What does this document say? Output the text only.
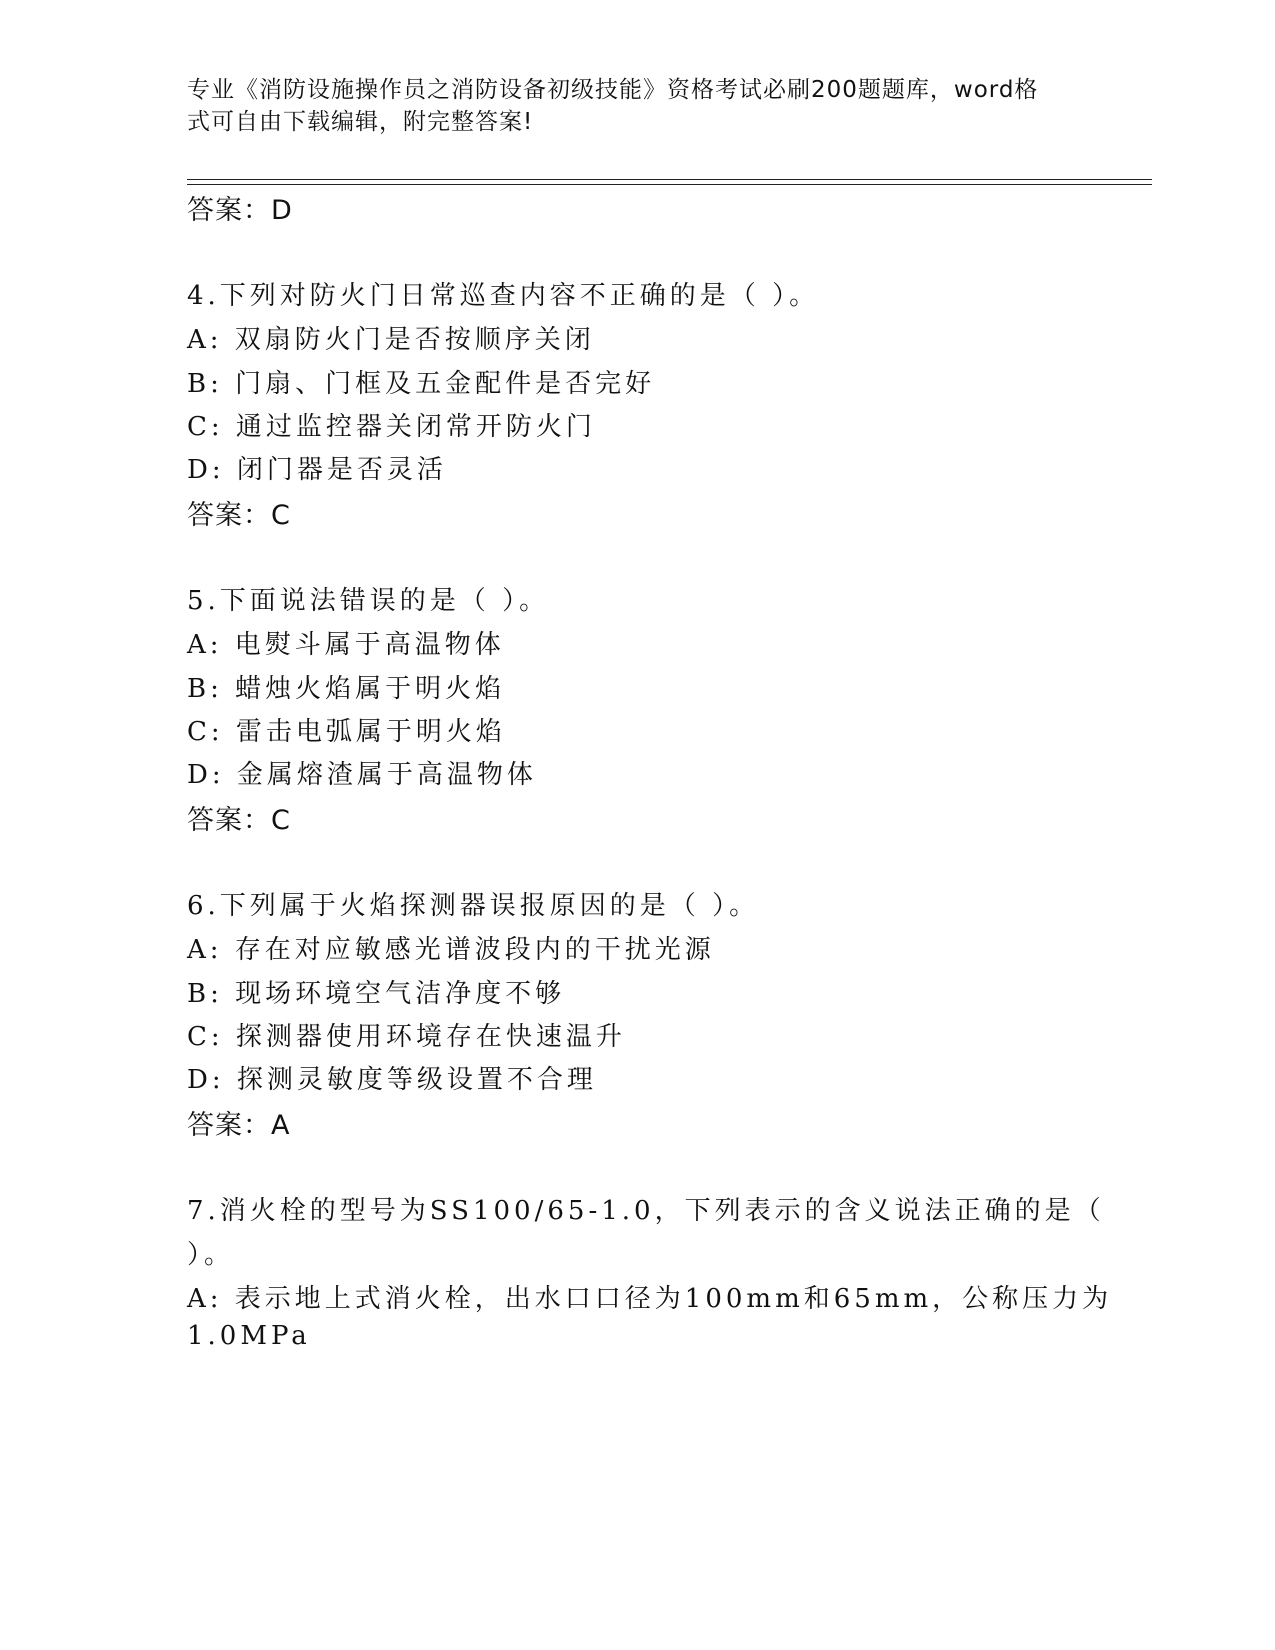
专业《消防设施操作员之消防设备初级技能》资格考试必刷200题题库，word格
式可自由下载编辑，附完整答案!
答案：D
4.下列对防火门日常巡查内容不正确的是（ ）。
A: 双扇防火门是否按顺序关闭
B: 门扇、门框及五金配件是否完好
C: 通过监控器关闭常开防火门
D: 闭门器是否灵活
答案：C
5.下面说法错误的是（ ）。
A: 电熨斗属于高温物体
B: 蜡烛火焰属于明火焰
C: 雷击电弧属于明火焰
D: 金属熔渣属于高温物体
答案：C
6.下列属于火焰探测器误报原因的是（ ）。
A: 存在对应敏感光谱波段内的干扰光源
B: 现场环境空气洁净度不够
C: 探测器使用环境存在快速温升
D: 探测灵敏度等级设置不合理
答案：A
7.消火栓的型号为SS100/65-1.0，下列表示的含义说法正确的是（
）。
A: 表示地上式消火栓，出水口口径为100mm和65mm，公称压力为
1.0MPa
